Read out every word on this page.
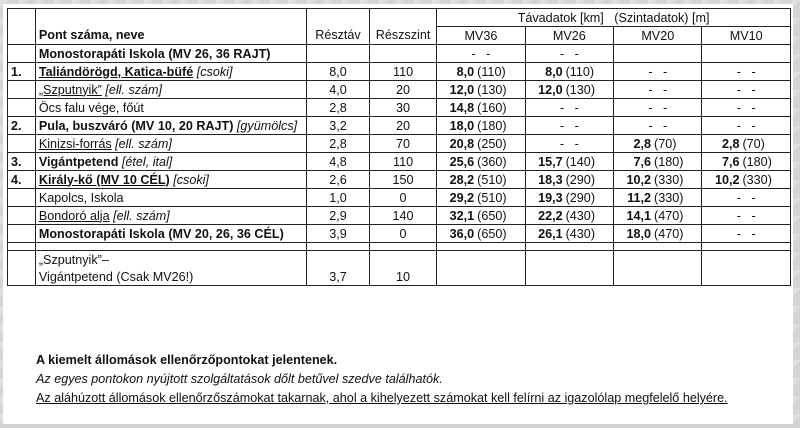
				Távadatok [km]   (Szintadatok) [m]			
	Pont száma, neve	Résztáv	Részszint	MV36	MV26	MV20	MV10
	Monostorapáti Iskola (MV 26, 36 RAJT)			-   -	-   -		
1.	Taliándörögd, Katica-büfé [csoki]	8,0	110	8,0 (110)	8,0 (110)	-   -	-   -
	„Szputnyik” [ell. szám]	4,0	20	12,0 (130)	12,0 (130)	-   -	-   -
	Öcs falu vége, főút	2,8	30	14,8 (160)	-   -	-   -	-   -
2.	Pula, buszváró (MV 10, 20 RAJT) [gyümölcs]	3,2	20	18,0 (180)	-   -	-   -	-   -
	Kinizsi-forrás [ell. szám]	2,8	70	20,8 (250)	-   -	2,8 (70)	2,8 (70)
3.	Vigántpetend [étel, ital]	4,8	110	25,6 (360)	15,7 (140)	7,6 (180)	7,6 (180)
4.	Király-kő (MV 10 CÉL) [csoki]	2,6	150	28,2 (510)	18,3 (290)	10,2 (330)	10,2 (330)
	Kapolcs, Iskola	1,0	0	29,2 (510)	19,3 (290)	11,2 (330)	-   -
	Bondoró alja [ell. szám]	2,9	140	32,1 (650)	22,2 (430)	14,1 (470)	-   -
	Monostorapáti Iskola (MV 20, 26, 36 CÉL)	3,9	0	36,0 (650)	26,1 (430)	18,0 (470)	-   -

	„Szputnyik”–						
	Vigántpetend (Csak MV26!)	3,7	10				
A kiemelt állomások ellenőrzőpontokat jelentenek.
Az egyes pontokon nyújtott szolgáltatások dőlt betűvel szedve találhatók.
Az aláhúzott állomások ellenőrzőszámokat takarnak, ahol a kihelyezett számokat kell felírni az igazolólap megfelelő helyére.
